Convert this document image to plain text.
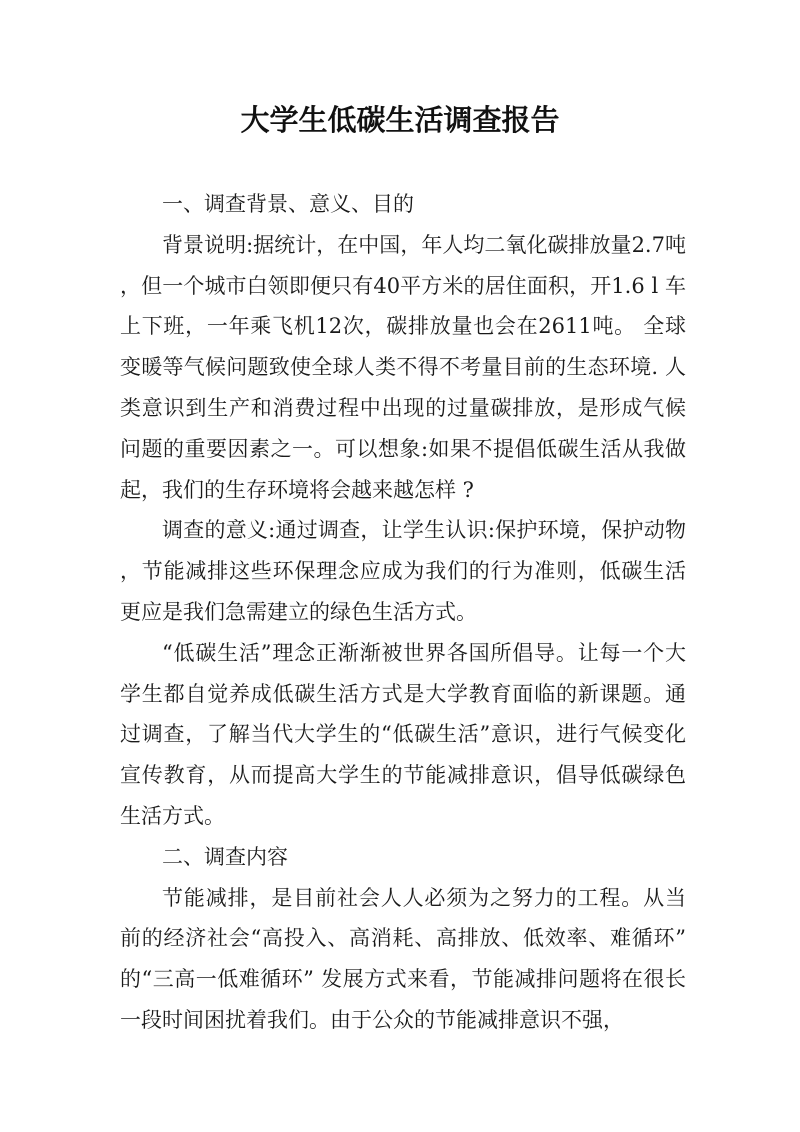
大学生低碳生活调查报告

一、调查背景、意义、目的

背景说明:据统计，在中国，年人均二氧化碳排放量2.7吨，但一个城市白领即便只有40平方米的居住面积，开1.6 l 车上下班，一年乘飞机12次，碳排放量也会在2611吨。 全球变暖等气候问题致使全球人类不得不考量目前的生态环境. 人类意识到生产和消费过程中出现的过量碳排放，是形成气候问题的重要因素之一。可以想象:如果不提倡低碳生活从我做起，我们的生存环境将会越来越怎样 ?

调查的意义:通过调查，让学生认识:保护环境，保护动物，节能减排这些环保理念应成为我们的行为准则，低碳生活更应是我们急需建立的绿色生活方式。

“低碳生活”理念正渐渐被世界各国所倡导。让每一个大学生都自觉养成低碳生活方式是大学教育面临的新课题。通过调查，了解当代大学生的“低碳生活”意识，进行气候变化宣传教育，从而提高大学生的节能减排意识，倡导低碳绿色生活方式。

二、调查内容

节能减排，是目前社会人人必须为之努力的工程。从当前的经济社会“高投入、高消耗、高排放、低效率、难循环”的“三高一低难循环” 发展方式来看，节能减排问题将在很长一段时间困扰着我们。由于公众的节能减排意识不强，
